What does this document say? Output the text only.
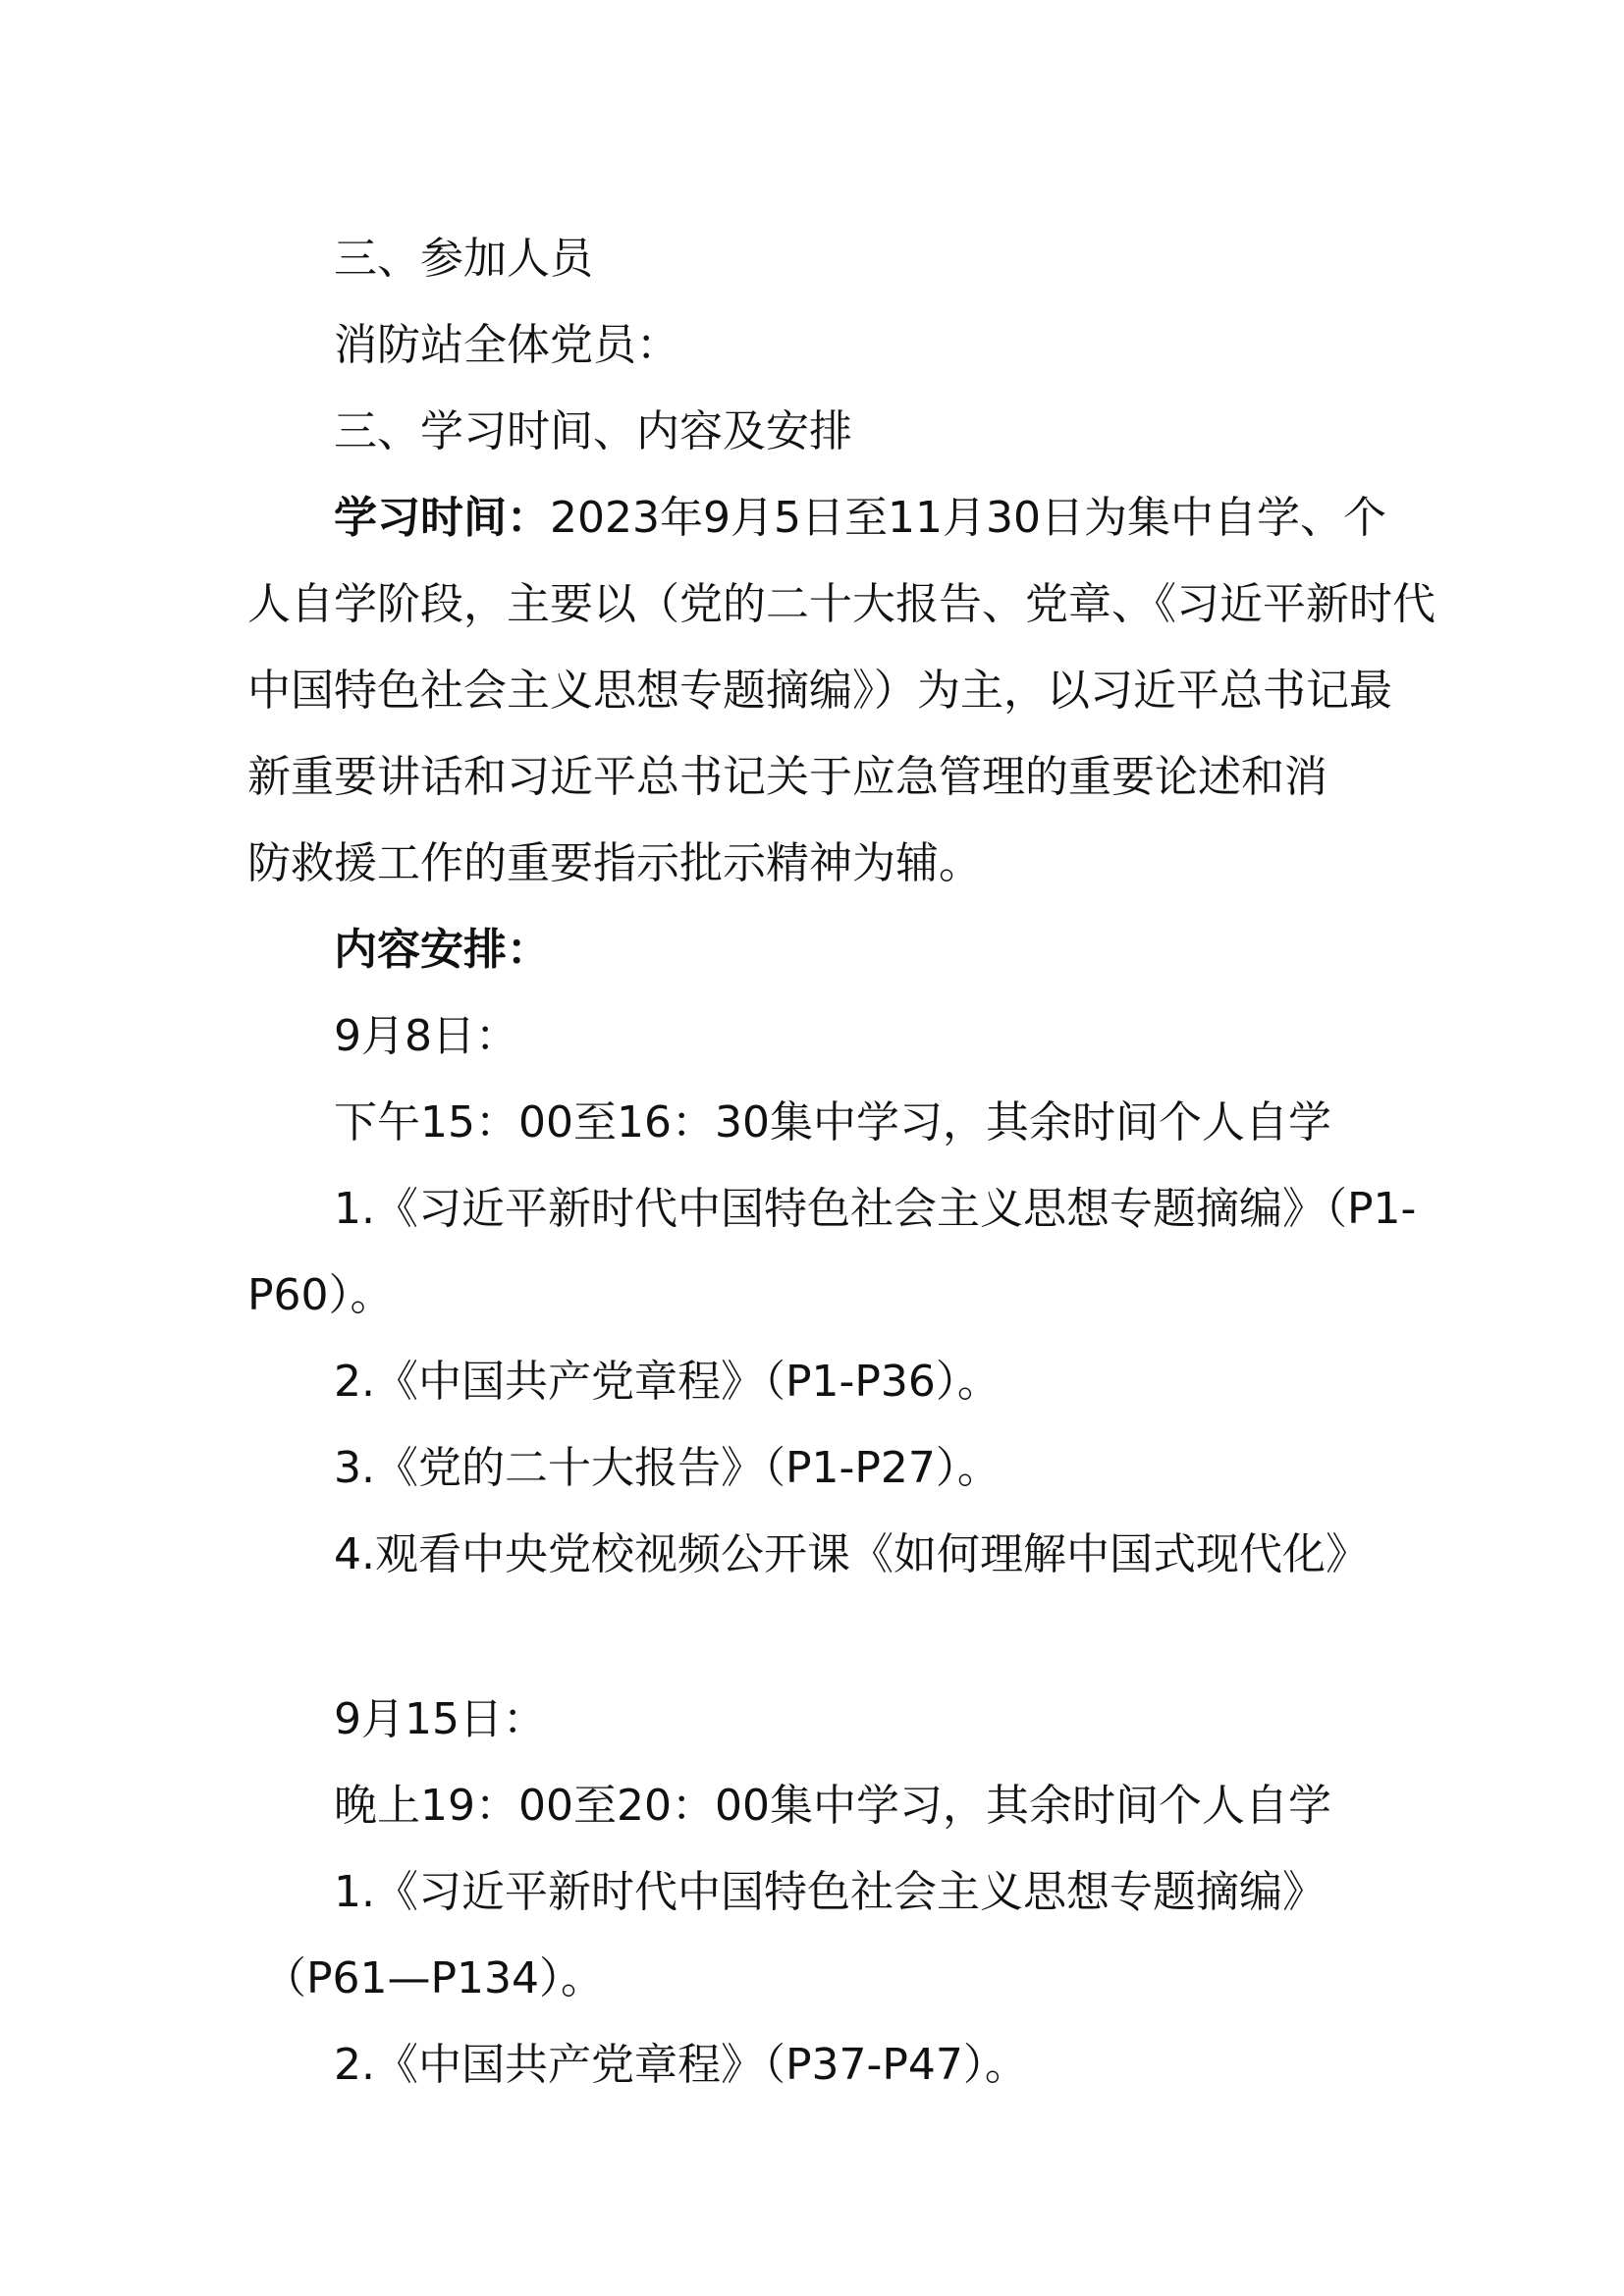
三、参加人员

消防站全体党员：

三、学习时间、内容及安排

学习时间：2023年9月5日至11月30日为集中自学、个

人自学阶段，主要以（党的二十大报告、党章、《习近平新时代

中国特色社会主义思想专题摘编》）为主，以习近平总书记最

新重要讲话和习近平总书记关于应急管理的重要论述和消

防救援工作的重要指示批示精神为辅。

内容安排：

9月8日：

下午15：00至16：30集中学习，其余时间个人自学

1.《习近平新时代中国特色社会主义思想专题摘编》（P1-

P60）。

2.《中国共产党章程》（P1-P36）。

3.《党的二十大报告》（P1-P27）。

4.观看中央党校视频公开课《如何理解中国式现代化》

9月15日：

晚上19：00至20：00集中学习，其余时间个人自学

1.《习近平新时代中国特色社会主义思想专题摘编》

（P61—P134）。

2.《中国共产党章程》（P37-P47）。
